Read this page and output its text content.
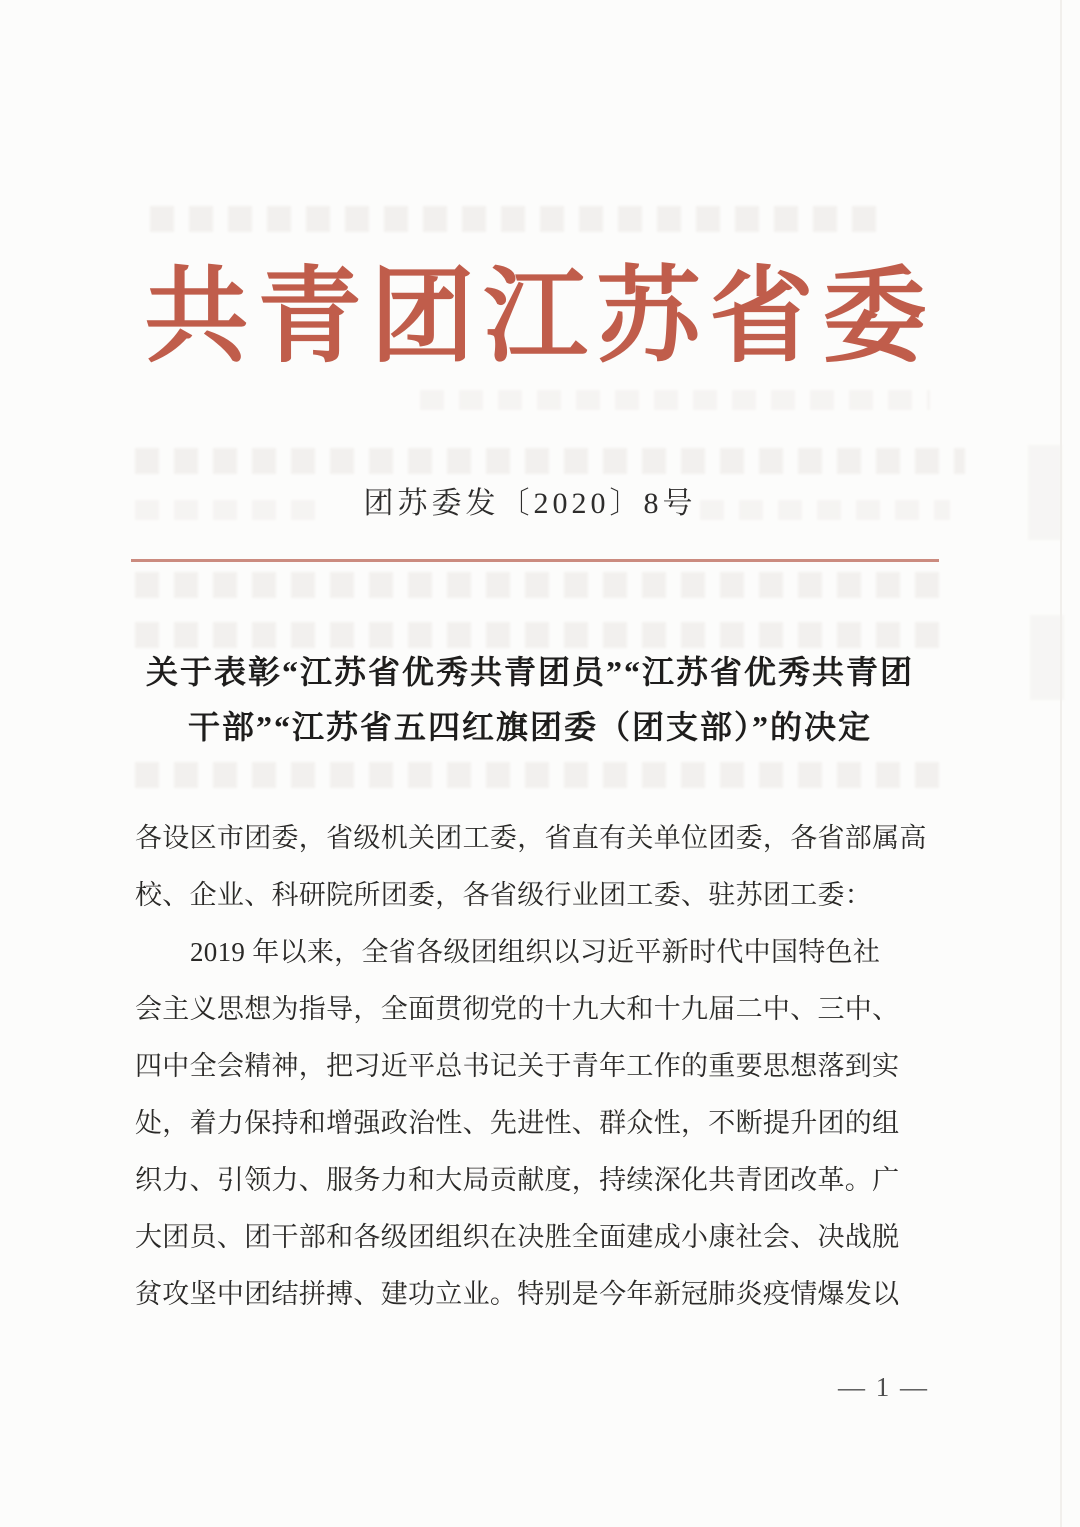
共青团江苏省委
团苏委发〔2020〕8号
关于表彰“江苏省优秀共青团员”“江苏省优秀共青团
干部”“江苏省五四红旗团委（团支部）”的决定
各设区市团委，省级机关团工委，省直有关单位团委，各省部属高
校、企业、科研院所团委，各省级行业团工委、驻苏团工委：
2019 年以来，全省各级团组织以习近平新时代中国特色社
会主义思想为指导，全面贯彻党的十九大和十九届二中、三中、
四中全会精神，把习近平总书记关于青年工作的重要思想落到实
处，着力保持和增强政治性、先进性、群众性，不断提升团的组
织力、引领力、服务力和大局贡献度，持续深化共青团改革。广
大团员、团干部和各级团组织在决胜全面建成小康社会、决战脱
贫攻坚中团结拼搏、建功立业。特别是今年新冠肺炎疫情爆发以
— 1 —
